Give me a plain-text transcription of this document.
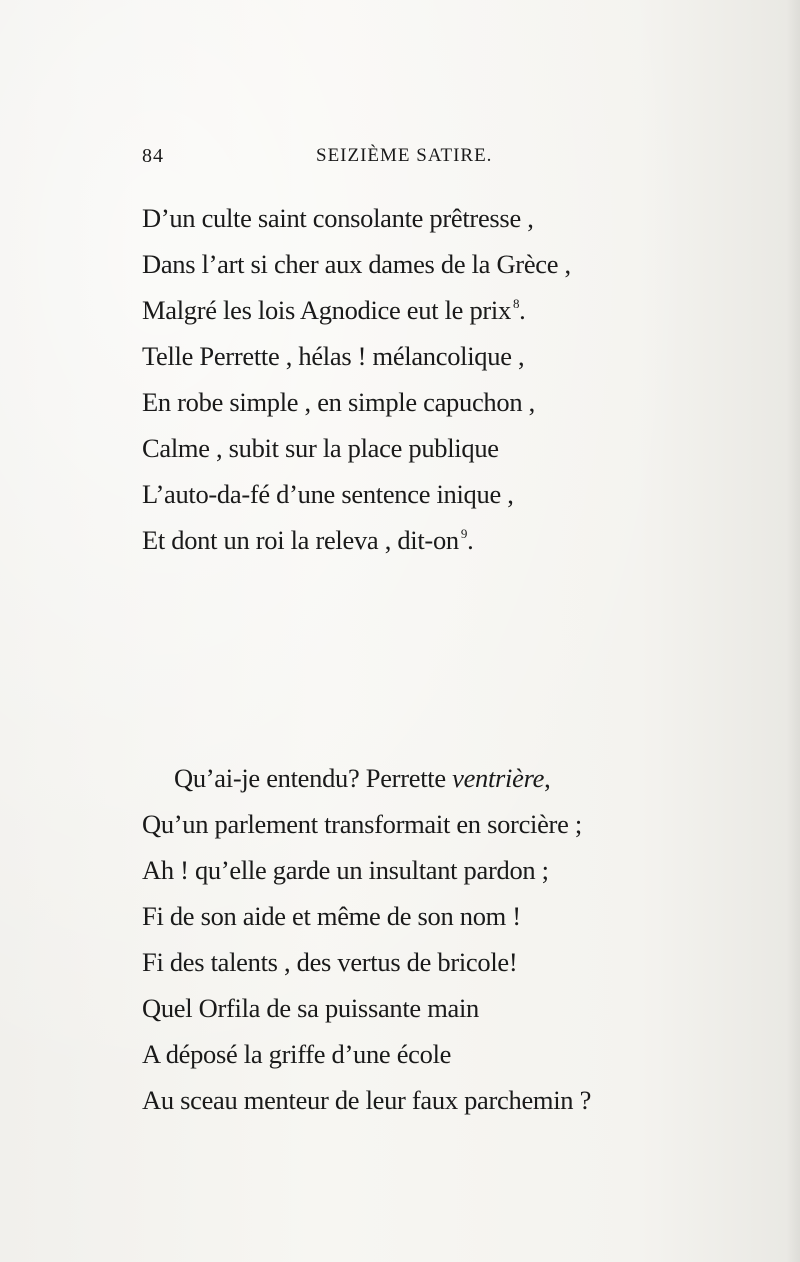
84	SEIZIÈME SATIRE.
D’un culte saint consolante prêtresse ,
Dans l’art si cher aux dames de la Grèce ,
Malgré les lois Agnodice eut le prix $^8$.
Telle Perrette , hélas ! mélancolique ,
En robe simple , en simple capuchon ,
Calme , subit sur la place publique
L’auto-da-fé d’une sentence inique ,
Et dont un roi la releva , dit-on $^9$.
Qu’ai-je entendu? Perrette ventrière,
Qu’un parlement transformait en sorcière ;
Ah ! qu’elle garde un insultant pardon ;
Fi de son aide et même de son nom !
Fi des talents , des vertus de bricole!
Quel Orfila de sa puissante main
A déposé la griffe d’une école
Au sceau menteur de leur faux parchemin ?
